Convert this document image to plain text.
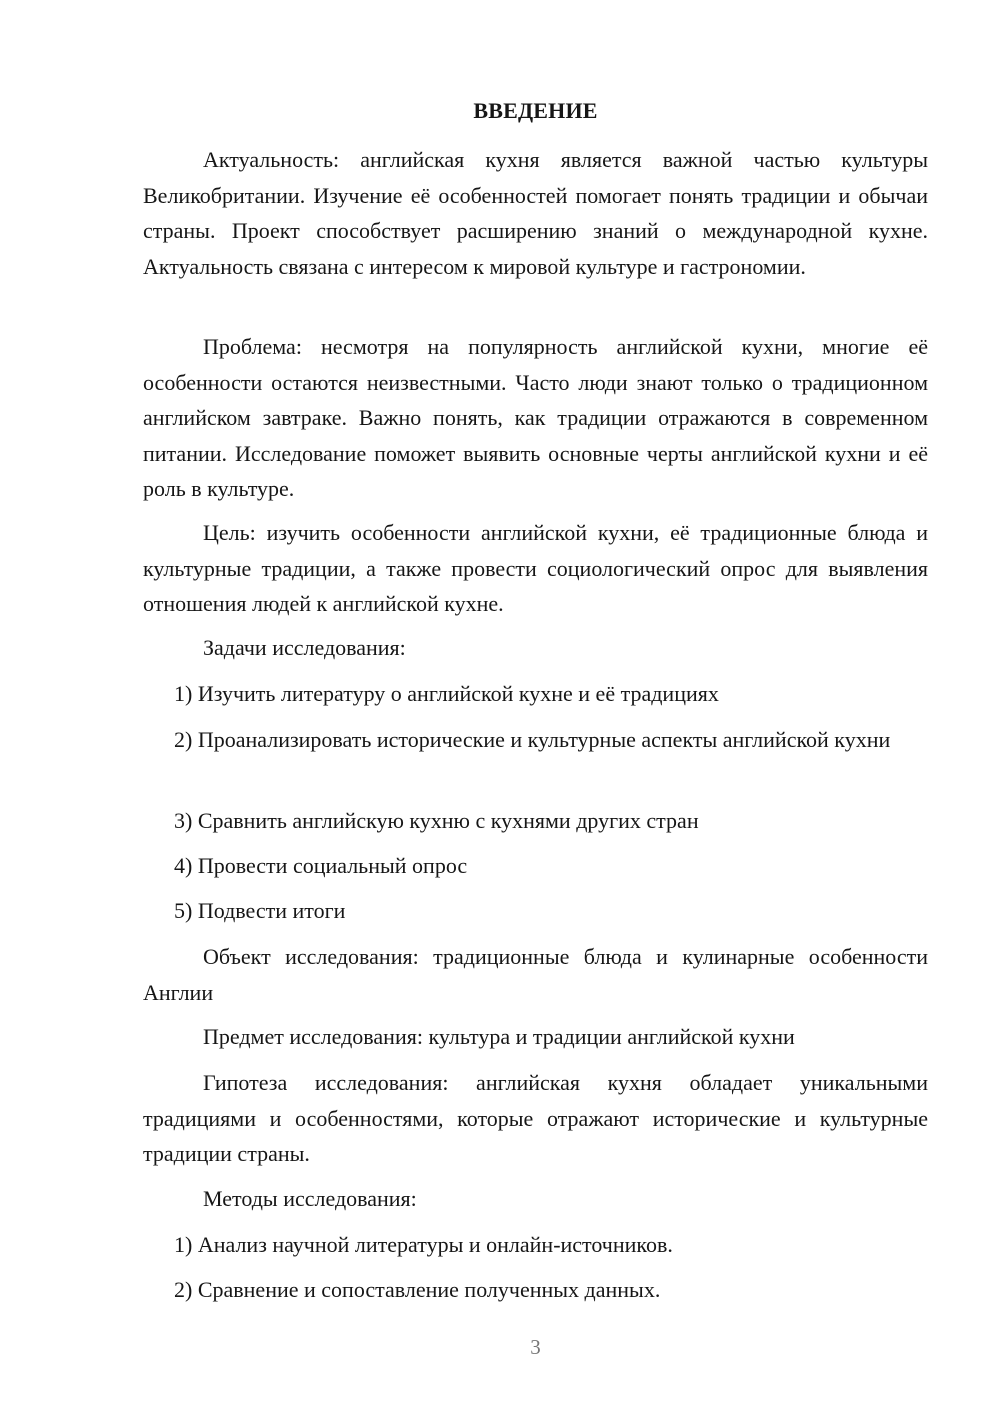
ВВЕДЕНИЕ

Актуальность: английская кухня является важной частью культуры Великобритании. Изучение её особенностей помогает понять традиции и обычаи страны. Проект способствует расширению знаний о международной кухне. Актуальность связана с интересом к мировой культуре и гастрономии.

Проблема: несмотря на популярность английской кухни, многие её особенности остаются неизвестными. Часто люди знают только о традиционном английском завтраке. Важно понять, как традиции отражаются в современном питании. Исследование поможет выявить основные черты английской кухни и её роль в культуре.

Цель: изучить особенности английской кухни, её традиционные блюда и культурные традиции, а также провести социологический опрос для выявления отношения людей к английской кухне.

Задачи исследования:

1) Изучить литературу о английской кухне и её традициях

2) Проанализировать исторические и культурные аспекты английской кухни

3) Сравнить английскую кухню с кухнями других стран

4) Провести социальный опрос

5) Подвести итоги

Объект исследования: традиционные блюда и кулинарные особенности Англии

Предмет исследования: культура и традиции английской кухни

Гипотеза исследования: английская кухня обладает уникальными традициями и особенностями, которые отражают исторические и культурные традиции страны.

Методы исследования:

1) Анализ научной литературы и онлайн-источников.

2) Сравнение и сопоставление полученных данных.

3
